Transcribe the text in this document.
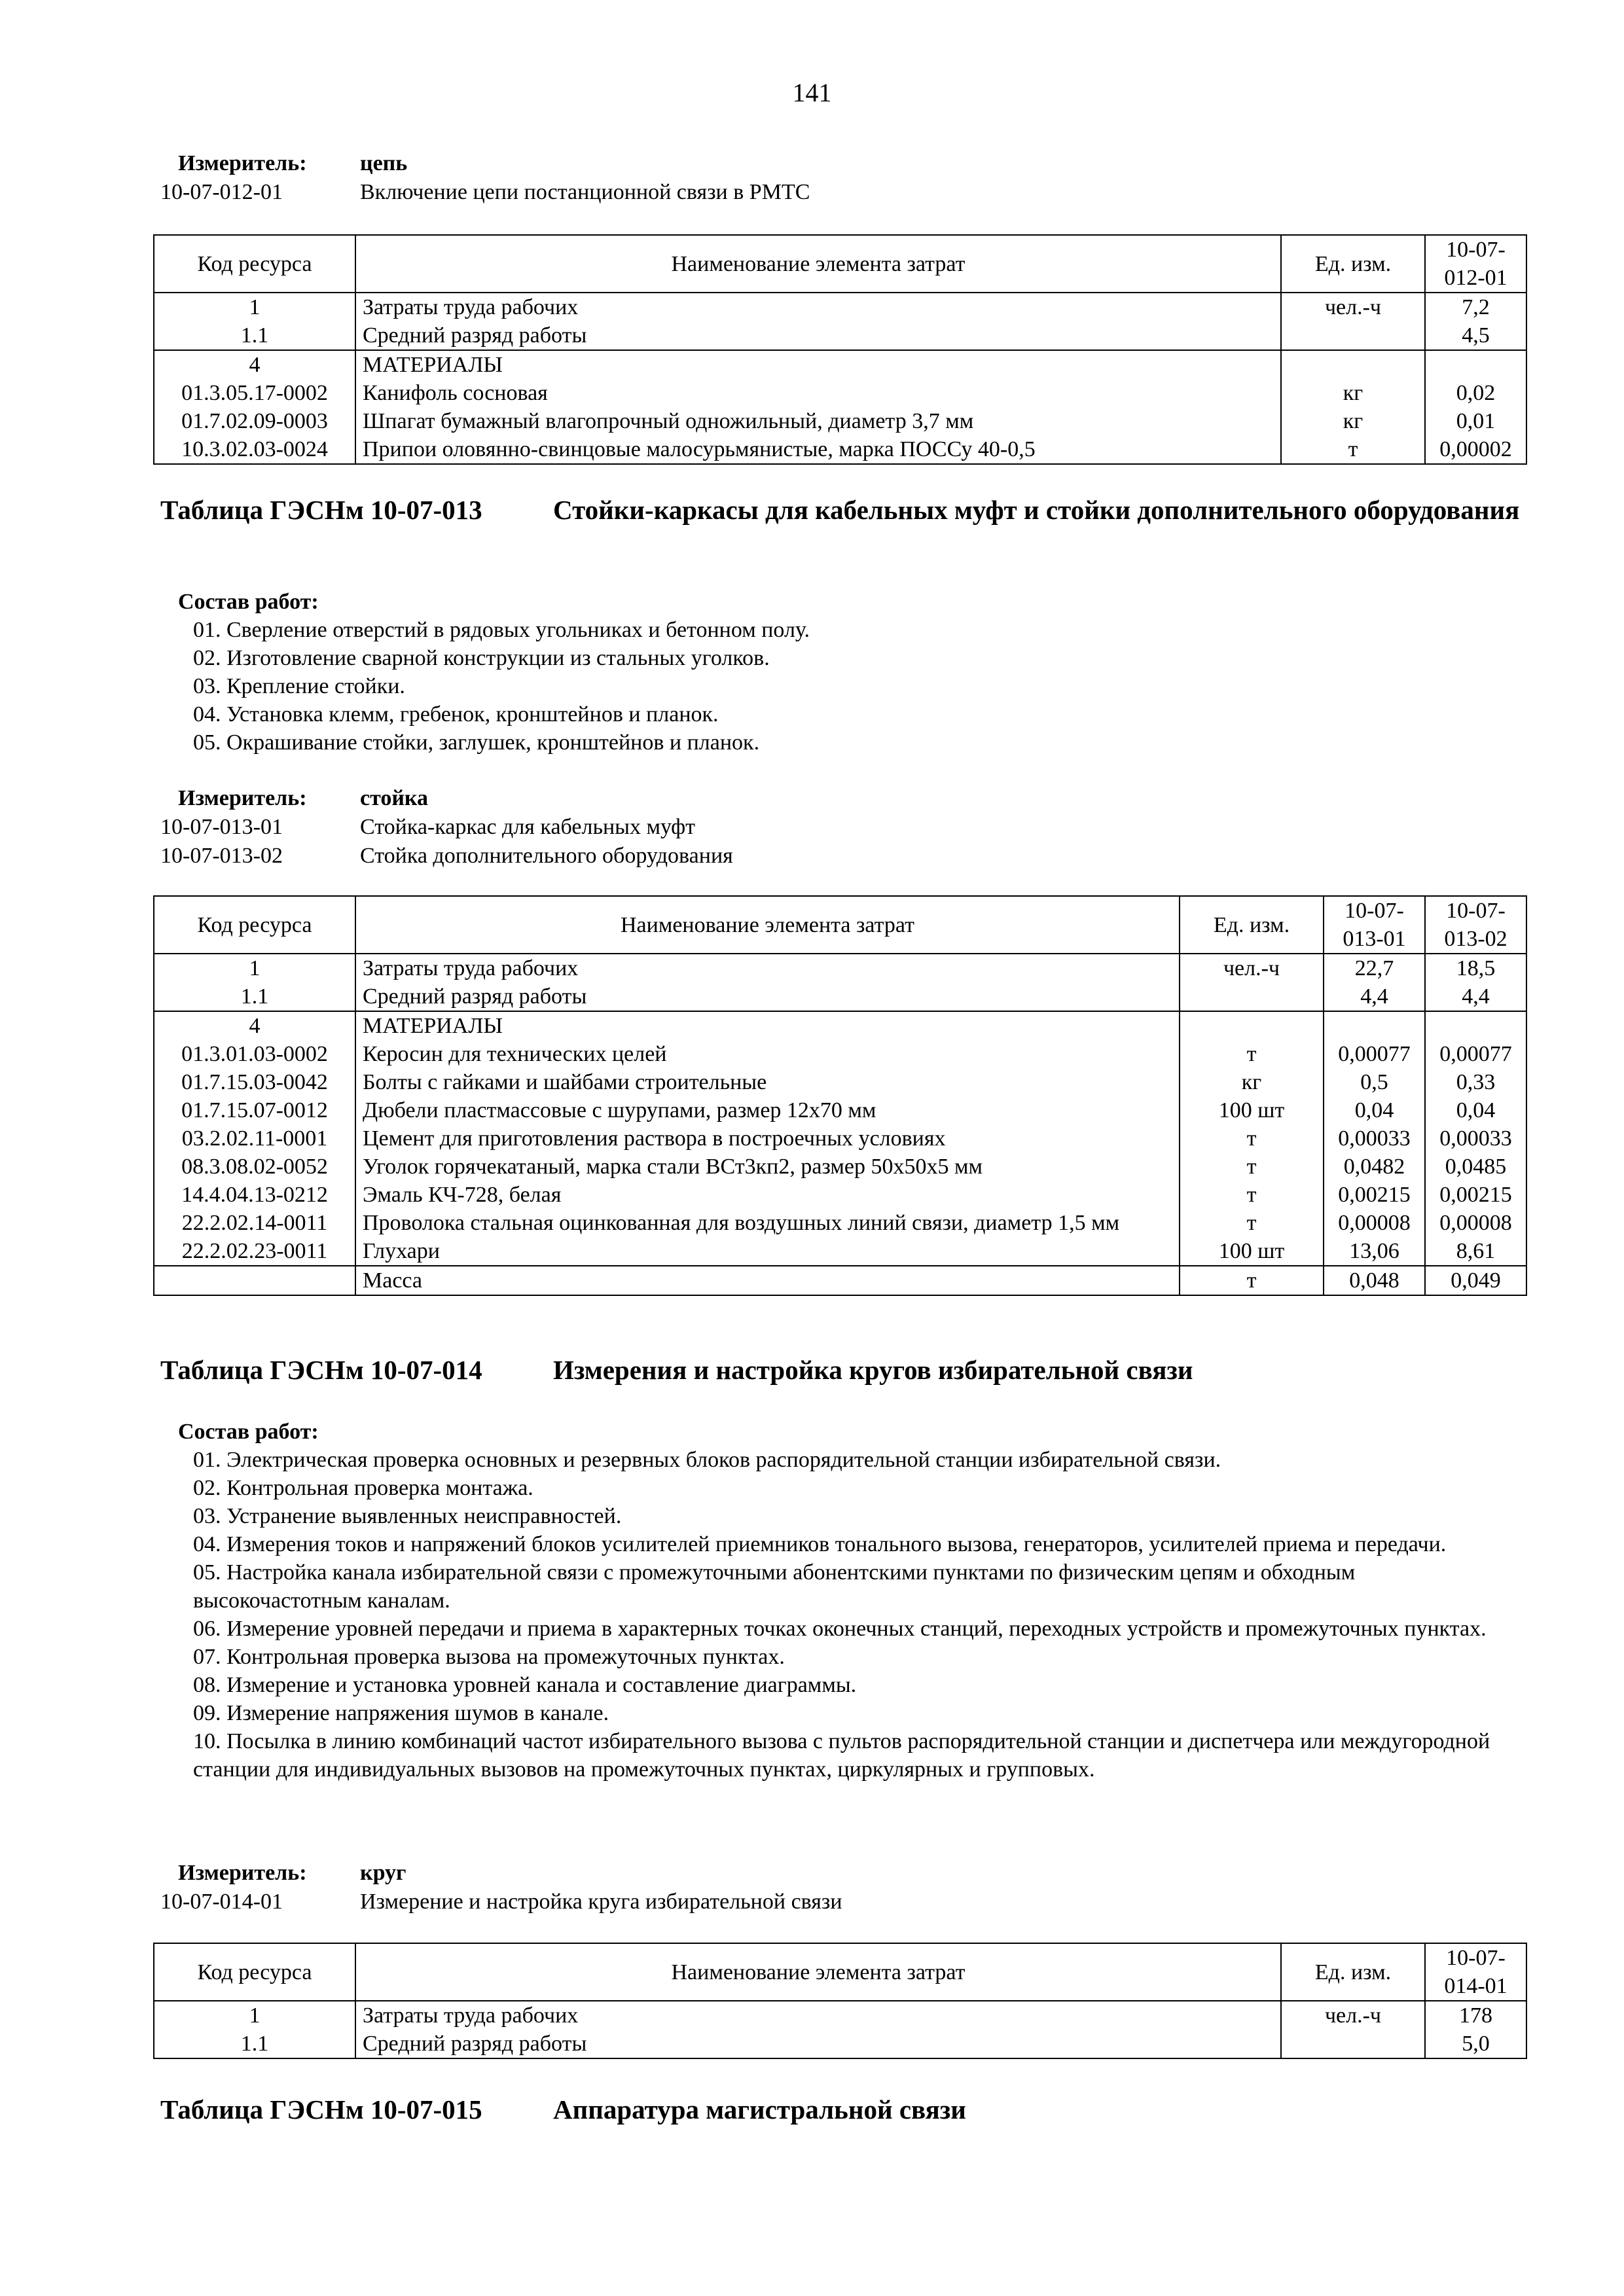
141
Измеритель:	цепь
10-07-012-01	Включение цепи постанционной связи в РМТС
Код ресурса	Наименование элемента затрат	Ед. изм.	10-07-
012-01
1	Затраты труда рабочих	чел.-ч	7,2
1.1	Средний разряд работы		4,5
4	МАТЕРИАЛЫ		
01.3.05.17-0002	Канифоль сосновая	кг	0,02
01.7.02.09-0003	Шпагат бумажный влагопрочный одножильный, диаметр 3,7 мм	кг	0,01
10.3.02.03-0024	Припои оловянно-свинцовые малосурьмянистые, марка ПОССу 40-0,5	т	0,00002
Таблица ГЭСНм 10-07-013	Стойки-каркасы для кабельных муфт и стойки дополнительного оборудования
Состав работ:
01. Сверление отверстий в рядовых угольниках и бетонном полу.
02. Изготовление сварной конструкции из стальных уголков.
03. Крепление стойки.
04. Установка клемм, гребенок, кронштейнов и планок.
05. Окрашивание стойки, заглушек, кронштейнов и планок.
Измеритель:	стойка
10-07-013-01	Стойка-каркас для кабельных муфт
10-07-013-02	Стойка дополнительного оборудования
Код ресурса	Наименование элемента затрат	Ед. изм.	10-07-
013-01	10-07-
013-02
1	Затраты труда рабочих	чел.-ч	22,7	18,5
1.1	Средний разряд работы		4,4	4,4
4	МАТЕРИАЛЫ			
01.3.01.03-0002	Керосин для технических целей	т	0,00077	0,00077
01.7.15.03-0042	Болты с гайками и шайбами строительные	кг	0,5	0,33
01.7.15.07-0012	Дюбели пластмассовые с шурупами, размер 12х70 мм	100 шт	0,04	0,04
03.2.02.11-0001	Цемент для приготовления раствора в построечных условиях	т	0,00033	0,00033
08.3.08.02-0052	Уголок горячекатаный, марка стали ВСт3кп2, размер 50х50х5 мм	т	0,0482	0,0485
14.4.04.13-0212	Эмаль КЧ-728, белая	т	0,00215	0,00215
22.2.02.14-0011	Проволока стальная оцинкованная для воздушных линий связи, диаметр 1,5 мм	т	0,00008	0,00008
22.2.02.23-0011	Глухари	100 шт	13,06	8,61
	Масса	т	0,048	0,049
Таблица ГЭСНм 10-07-014	Измерения и настройка кругов избирательной связи
Состав работ:
01. Электрическая проверка основных и резервных блоков распорядительной станции избирательной связи.
02. Контрольная проверка монтажа.
03. Устранение выявленных неисправностей.
04. Измерения токов и напряжений блоков усилителей приемников тонального вызова, генераторов, усилителей приема и передачи.
05. Настройка канала избирательной связи с промежуточными абонентскими пунктами по физическим цепям и обходным высокочастотным каналам.
06. Измерение уровней передачи и приема в характерных точках оконечных станций, переходных устройств и промежуточных пунктах.
07. Контрольная проверка вызова на промежуточных пунктах.
08. Измерение и установка уровней канала и составление диаграммы.
09. Измерение напряжения шумов в канале.
10. Посылка в линию комбинаций частот избирательного вызова с пультов распорядительной станции и диспетчера или междугородной станции для индивидуальных вызовов на промежуточных пунктах, циркулярных и групповых.
Измеритель:	круг
10-07-014-01	Измерение и настройка круга избирательной связи
Код ресурса	Наименование элемента затрат	Ед. изм.	10-07-
014-01
1	Затраты труда рабочих	чел.-ч	178
1.1	Средний разряд работы		5,0
Таблица ГЭСНм 10-07-015	Аппаратура магистральной связи
